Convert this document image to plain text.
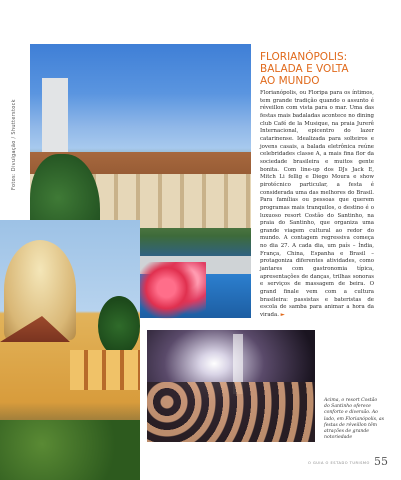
Fotos: Divulgação / Shutterstock
FLORIANÓPOLIS:
BALADA E VOLTA
AO MUNDO

Florianópolis, ou Floripa para os íntimos, tem grande tradição quando o assunto é réveillon com vista para o mar. Uma das festas mais badaladas acontece no dining club Café de la Musique, na praia Jurerê Internacional, epicentro do lazer catarinense. Idealizada para solteiros e jovens casais, a balada eletrônica reúne celebridades classe A, a mais fina flor da sociedade brasileira e muitos gente bonita. Com line-up dos DJs Jack E, Mitch Li fellig e Diego Moura e show pirotécnico particular, a festa é considerada uma das melhores do Brasil. Para famílias ou pessoas que querem programas mais tranquilos, o destino é o luxuoso resort Costão do Santinho, na praia do Santinho, que organiza uma grande viagem cultural ao redor do mundo. A contagem regressiva começa no dia 27. A cada dia, um país – Índia, França, China, Espanha e Brasil – protagoniza diferentes atividades, como jantares com gastronomia típica, apresentações de danças, trilhas sonoras e serviços de massagem de beira. O grand finale vem com a cultura brasileira: passistas e bateristas de escola de samba para animar a hora da virada. ►

Acima, o resort Costão do Santinho oferece conforto e diversão. Ao lado, em Florianópolis, as festas de réveillon têm atrações de grande notoriedade

O GUIA O ESTADO TURISMO 55
